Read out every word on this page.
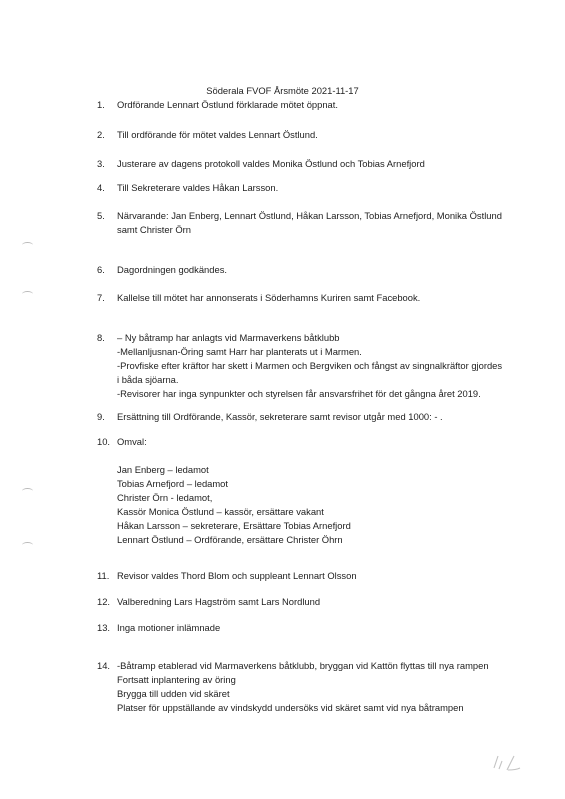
Söderala FVOF Årsmöte 2021-11-17
1. Ordförande Lennart Östlund förklarade mötet öppnat.
2. Till ordförande för mötet valdes Lennart Östlund.
3. Justerare av dagens protokoll valdes Monika Östlund och Tobias Arnefjord
4. Till Sekreterare valdes Håkan Larsson.
5. Närvarande: Jan Enberg, Lennart Östlund, Håkan Larsson, Tobias Arnefjord, Monika Östlund
samt Christer Örn
6. Dagordningen godkändes.
7. Kallelse till mötet har annonserats i Söderhamns Kuriren samt Facebook.
8. – Ny båtramp har anlagts vid Marmaverkens båtklubb
-Mellanljusnan-Öring samt Harr har planterats ut i Marmen.
-Provfiske efter kräftor har skett i Marmen och Bergviken och fångst av singnalkräftor gjordes
i båda sjöarna.
-Revisorer har inga synpunkter och styrelsen får ansvarsfrihet för det gångna året 2019.
9. Ersättning till Ordförande, Kassör, sekreterare samt revisor utgår med 1000: - .
10. Omval:
Jan Enberg – ledamot
Tobias Arnefjord – ledamot
Christer Örn - ledamot,
Kassör Monica Östlund – kassör, ersättare vakant
Håkan Larsson – sekreterare, Ersättare Tobias Arnefjord
Lennart Östlund – Ordförande, ersättare Christer Öhrn
11. Revisor valdes Thord Blom och suppleant Lennart Olsson
12. Valberedning Lars Hagström samt Lars Nordlund
13. Inga motioner inlämnade
14. -Båtramp etablerad vid Marmaverkens båtklubb, bryggan vid Kattön flyttas till nya rampen
Fortsatt inplantering av öring
Brygga till udden vid skäret
Platser för uppställande av vindskydd undersöks vid skäret samt vid nya båtrampen
